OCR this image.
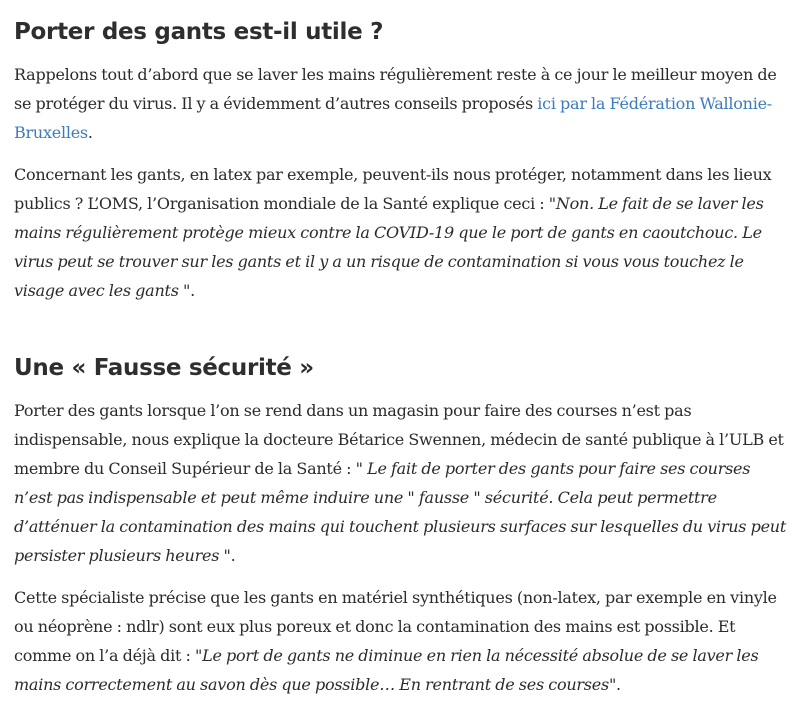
Porter des gants est-il utile ?

Rappelons tout d’abord que se laver les mains régulièrement reste à ce jour le meilleur moyen de se protéger du virus. Il y a évidemment d’autres conseils proposés ici par la Fédération Wallonie-Bruxelles.

Concernant les gants, en latex par exemple, peuvent-ils nous protéger, notamment dans les lieux publics ? L’OMS, l’Organisation mondiale de la Santé explique ceci : "Non. Le fait de se laver les mains régulièrement protège mieux contre la COVID-19 que le port de gants en caoutchouc. Le virus peut se trouver sur les gants et il y a un risque de contamination si vous vous touchez le visage avec les gants ".

Une « Fausse sécurité »

Porter des gants lorsque l’on se rend dans un magasin pour faire des courses n’est pas indispensable, nous explique la docteure Bétarice Swennen, médecin de santé publique à l’ULB et membre du Conseil Supérieur de la Santé : " Le fait de porter des gants pour faire ses courses n’est pas indispensable et peut même induire une " fausse " sécurité. Cela peut permettre d’atténuer la contamination des mains qui touchent plusieurs surfaces sur lesquelles du virus peut persister plusieurs heures ".

Cette spécialiste précise que les gants en matériel synthétiques (non-latex, par exemple en vinyle ou néoprène : ndlr) sont eux plus poreux et donc la contamination des mains est possible. Et comme on l’a déjà dit : "Le port de gants ne diminue en rien la nécessité absolue de se laver les mains correctement au savon dès que possible… En rentrant de ses courses".
